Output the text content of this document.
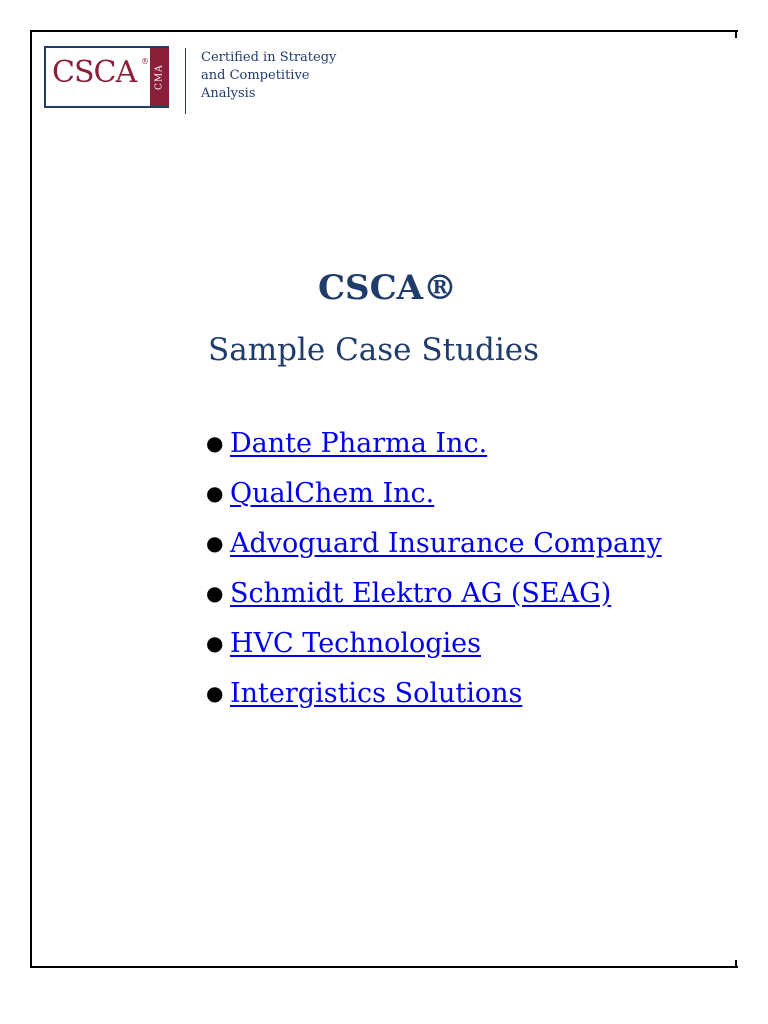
CSCA ®
CMA
Certified in Strategy
and Competitive
Analysis
CSCA®
Sample Case Studies
● Dante Pharma Inc.
● QualChem Inc.
● Advoguard Insurance Company
● Schmidt Elektro AG (SEAG)
● HVC Technologies
● Intergistics Solutions
